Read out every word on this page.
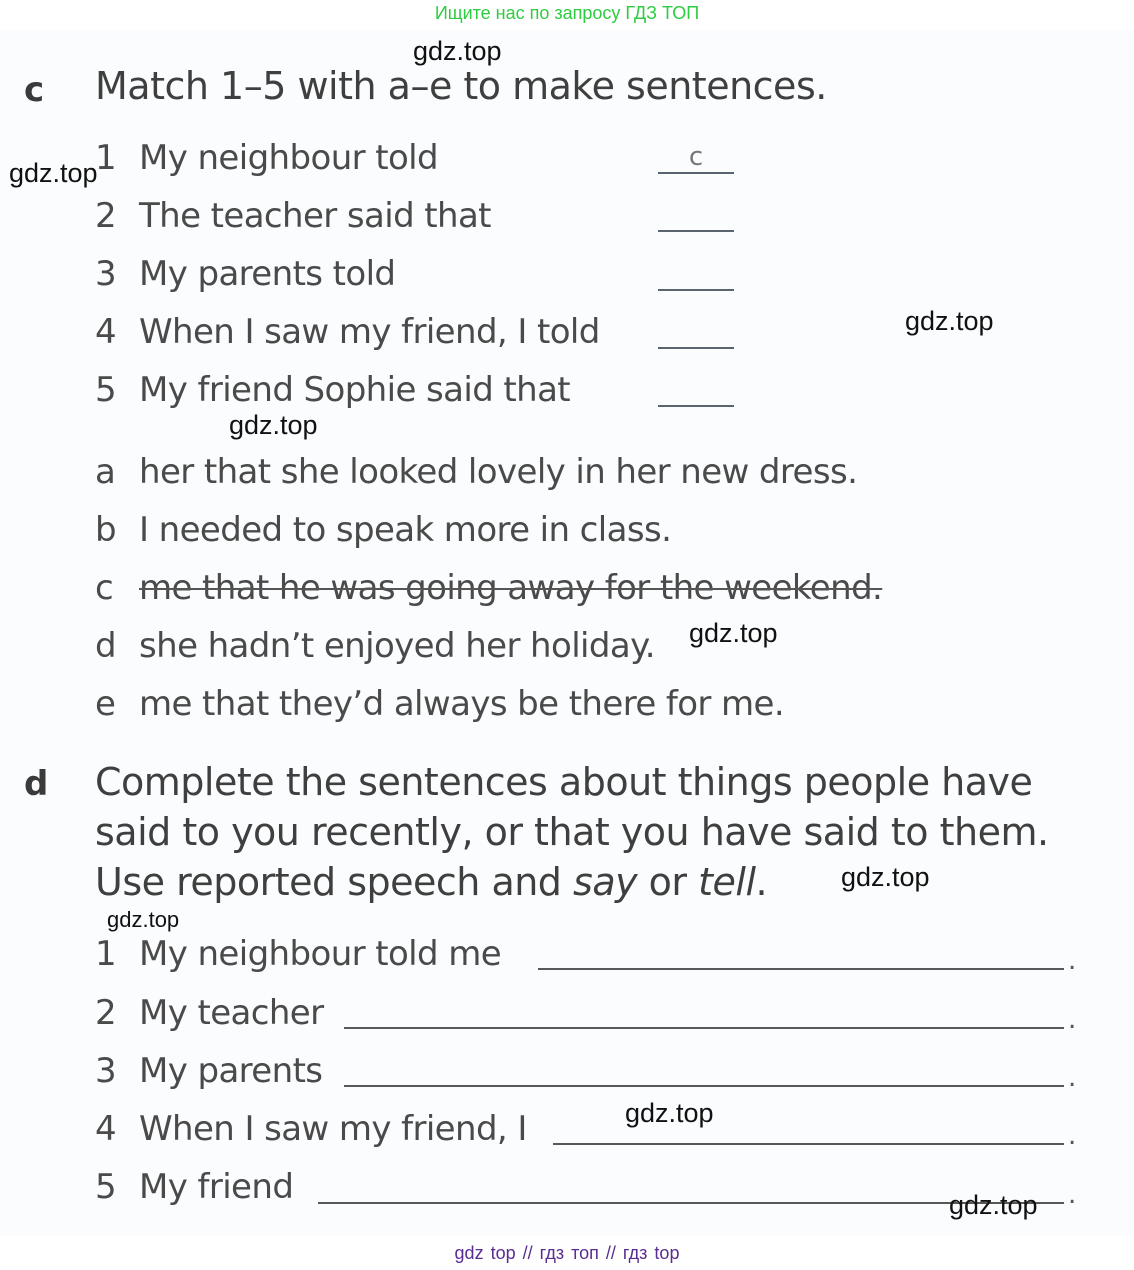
Ищите нас по запросу ГДЗ ТОП
c Match 1–5 with a–e to make sentences.
1 My neighbour told
2 The teacher said that
3 My parents told
4 When I saw my friend, I told
5 My friend Sophie said that
c
a her that she looked lovely in her new dress.
b I needed to speak more in class.
c me that he was going away for the weekend.
d she hadn’t enjoyed her holiday.
e me that they’d always be there for me.
d Complete the sentences about things people have
said to you recently, or that you have said to them.
Use reported speech and say or tell.
1 My neighbour told me	.
2 My teacher	.
3 My parents	.
4 When I saw my friend, I	.
5 My friend	.
gdz.top
gdz.top
gdz.top
gdz.top
gdz.top
gdz.top
gdz.top
gdz.top
gdz.top
gdz top // гдз топ // гдз top
